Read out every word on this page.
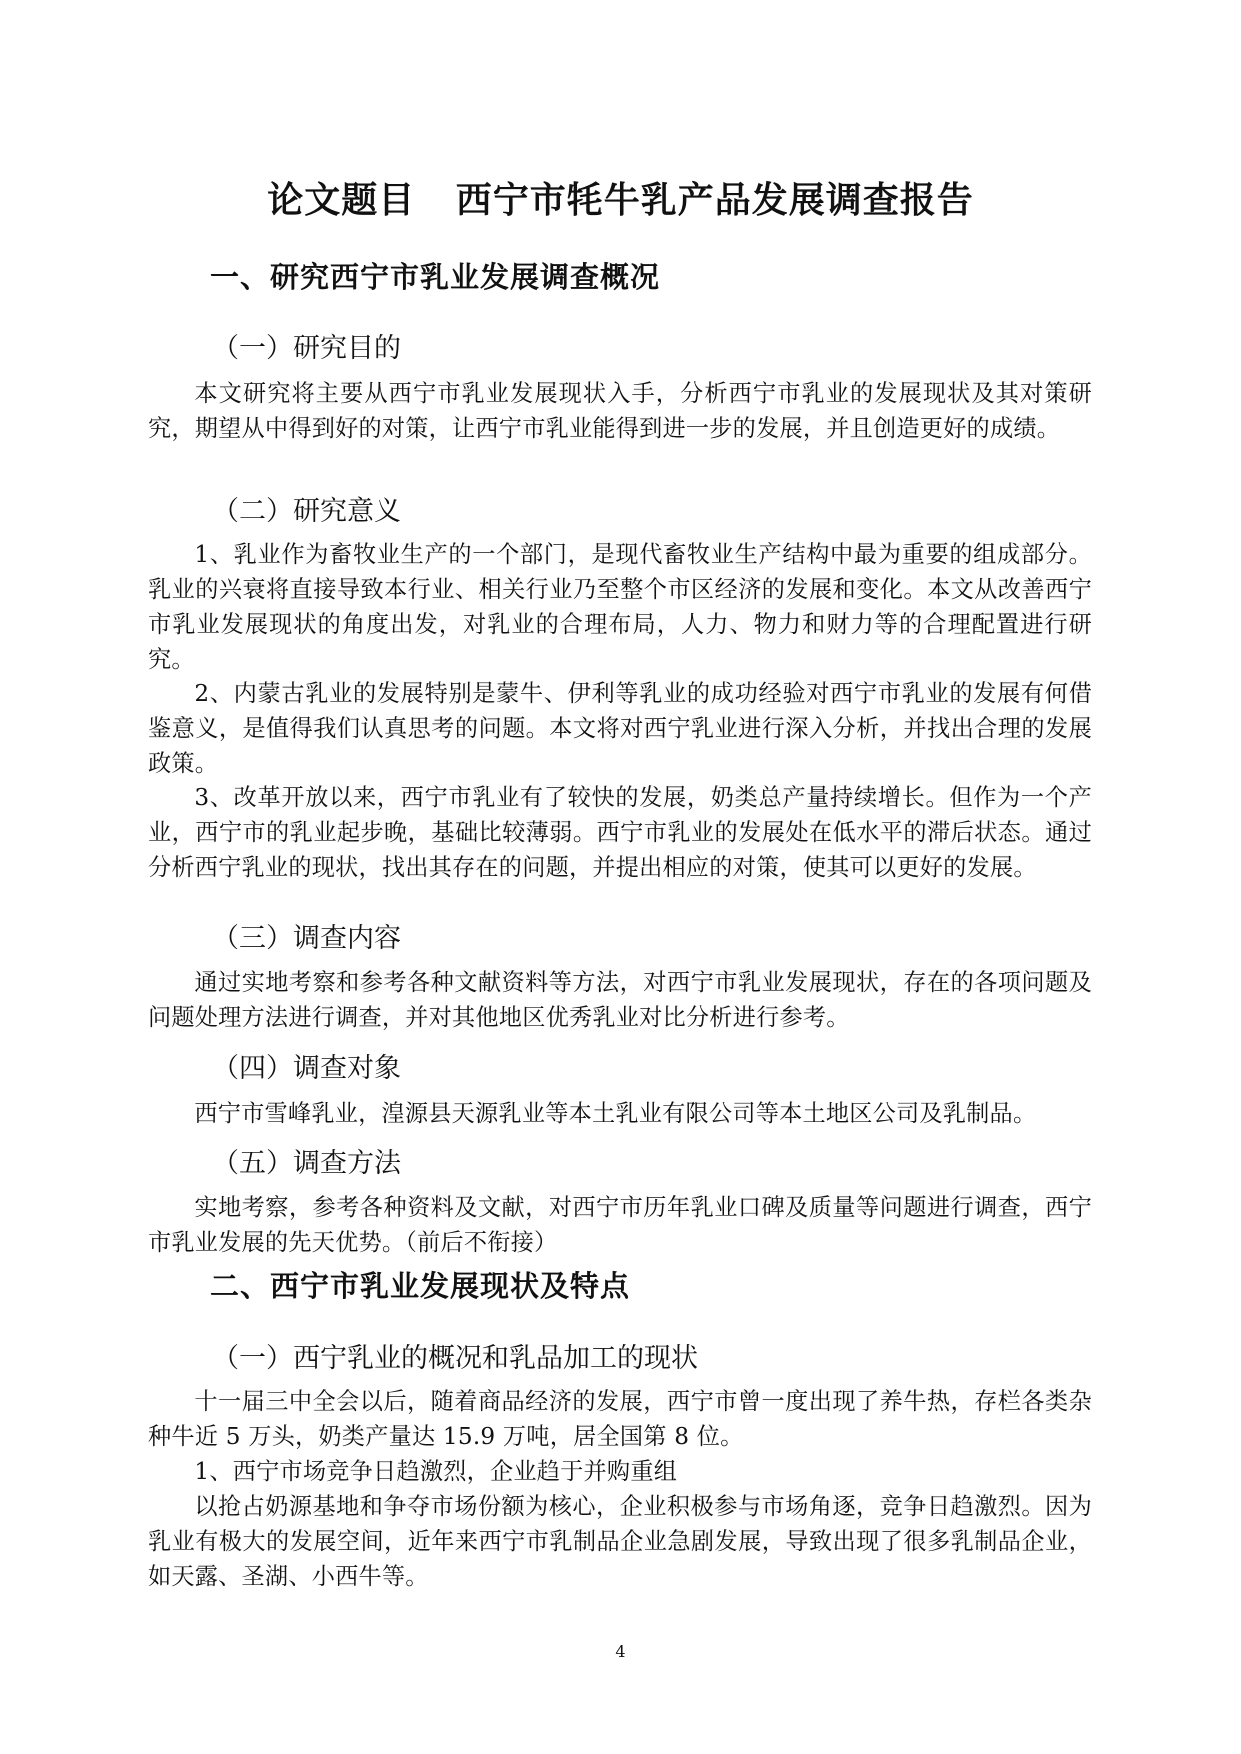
论文题目   西宁市牦牛乳产品发展调查报告
一、研究西宁市乳业发展调查概况
（一）研究目的
本文研究将主要从西宁市乳业发展现状入手，分析西宁市乳业的发展现状及其对策研究，期望从中得到好的对策，让西宁市乳业能得到进一步的发展，并且创造更好的成绩。
（二）研究意义
1、乳业作为畜牧业生产的一个部门，是现代畜牧业生产结构中最为重要的组成部分。乳业的兴衰将直接导致本行业、相关行业乃至整个市区经济的发展和变化。本文从改善西宁市乳业发展现状的角度出发，对乳业的合理布局，人力、物力和财力等的合理配置进行研究。
2、内蒙古乳业的发展特别是蒙牛、伊利等乳业的成功经验对西宁市乳业的发展有何借鉴意义，是值得我们认真思考的问题。本文将对西宁乳业进行深入分析，并找出合理的发展政策。
3、改革开放以来，西宁市乳业有了较快的发展，奶类总产量持续增长。但作为一个产业，西宁市的乳业起步晚，基础比较薄弱。西宁市乳业的发展处在低水平的滞后状态。通过分析西宁乳业的现状，找出其存在的问题，并提出相应的对策，使其可以更好的发展。
（三）调查内容
通过实地考察和参考各种文献资料等方法，对西宁市乳业发展现状，存在的各项问题及问题处理方法进行调查，并对其他地区优秀乳业对比分析进行参考。
（四）调查对象
西宁市雪峰乳业，湟源县天源乳业等本土乳业有限公司等本土地区公司及乳制品。
（五）调查方法
实地考察，参考各种资料及文献，对西宁市历年乳业口碑及质量等问题进行调查，西宁市乳业发展的先天优势。（前后不衔接）
二、西宁市乳业发展现状及特点
（一）西宁乳业的概况和乳品加工的现状
十一届三中全会以后，随着商品经济的发展，西宁市曾一度出现了养牛热，存栏各类杂种牛近 5 万头，奶类产量达 15.9 万吨，居全国第 8 位。
1、西宁市场竞争日趋激烈，企业趋于并购重组
以抢占奶源基地和争夺市场份额为核心，企业积极参与市场角逐，竞争日趋激烈。因为乳业有极大的发展空间，近年来西宁市乳制品企业急剧发展，导致出现了很多乳制品企业，如天露、圣湖、小西牛等。
4
